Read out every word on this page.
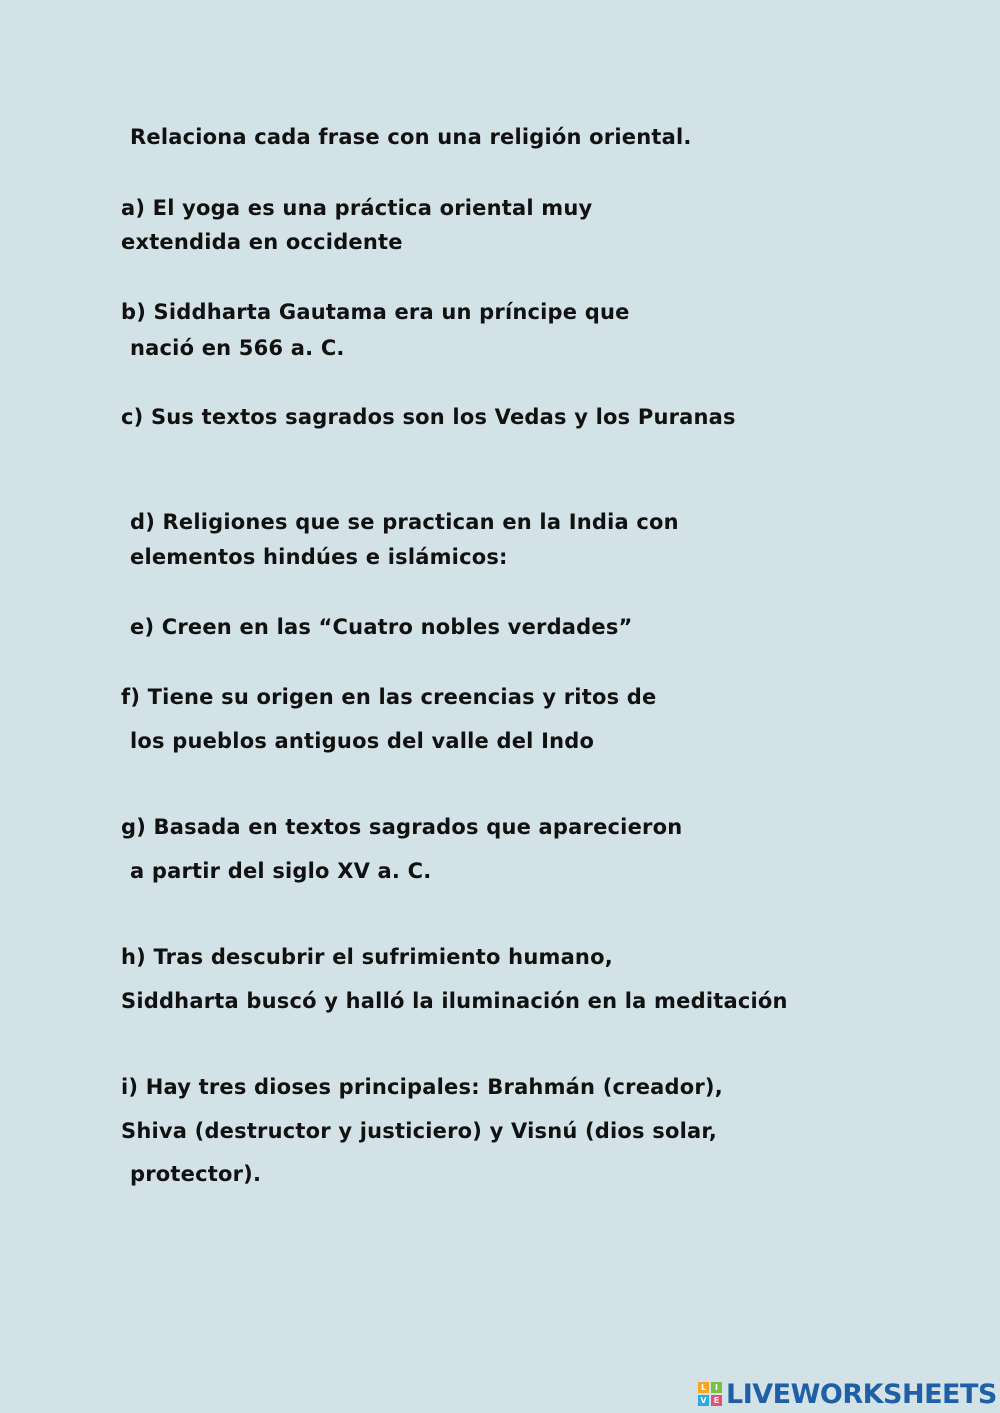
Relaciona cada frase con una religión oriental.
a) El yoga es una práctica oriental muy
extendida en occidente
b) Siddharta Gautama era un príncipe que
nació en 566 a. C.
c) Sus textos sagrados son los Vedas y los Puranas
d) Religiones que se practican en la India con
elementos hindúes e islámicos:
e) Creen en las “Cuatro nobles verdades”
f) Tiene su origen en las creencias y ritos de
los pueblos antiguos del valle del Indo
g) Basada en textos sagrados que aparecieron
a partir del siglo XV a. C.
h) Tras descubrir el sufrimiento humano,
Siddharta buscó y halló la iluminación en la meditación
i) Hay tres dioses principales: Brahmán (creador),
Shiva (destructor y justiciero) y Visnú (dios solar,
protector).
L	I
V E LIVEWORKSHEETS
